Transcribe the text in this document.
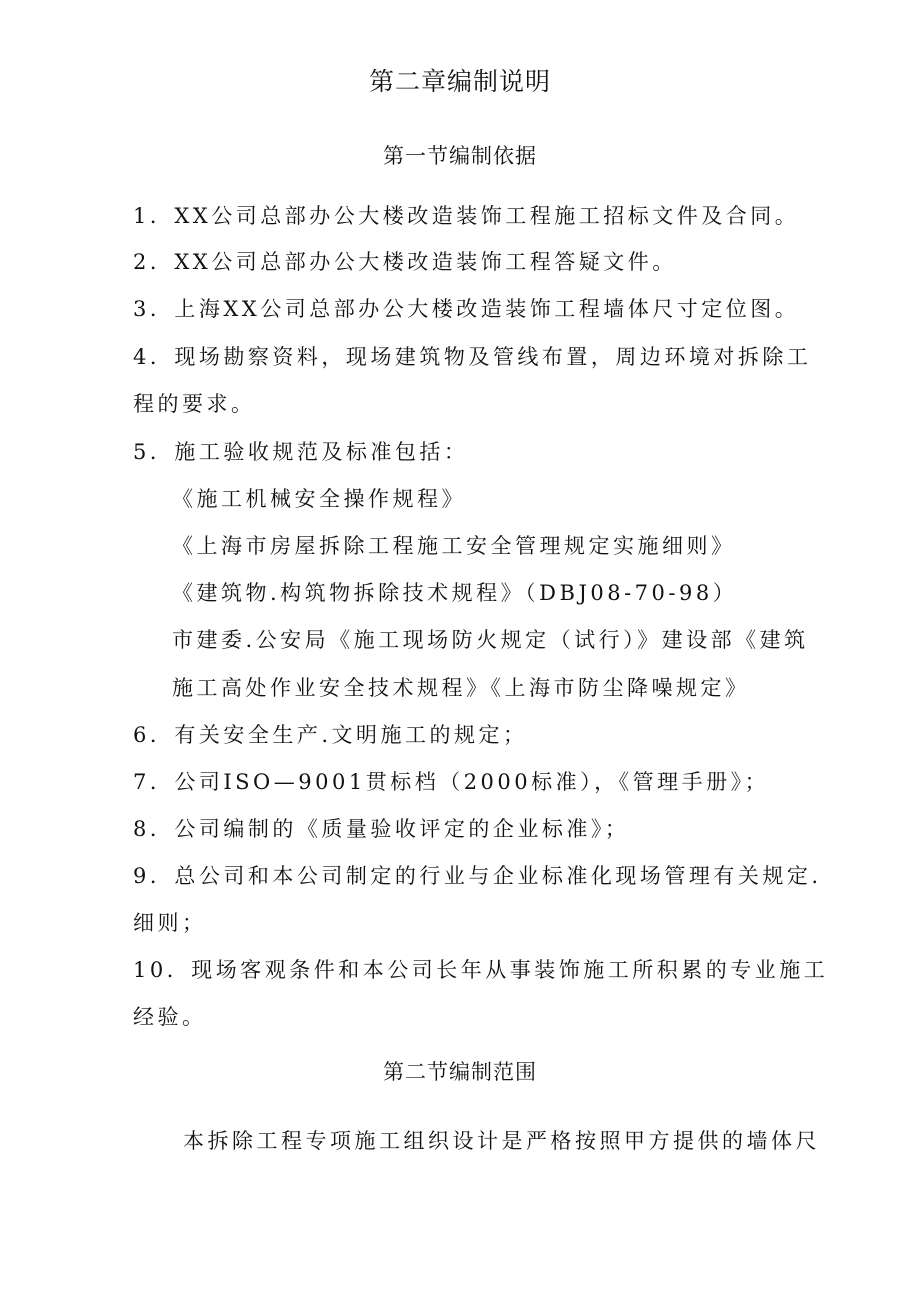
第二章编制说明
第一节编制依据
1．XX公司总部办公大楼改造装饰工程施工招标文件及合同。
2．XX公司总部办公大楼改造装饰工程答疑文件。
3．上海XX公司总部办公大楼改造装饰工程墙体尺寸定位图。
4．现场勘察资料，现场建筑物及管线布置，周边环境对拆除工
程的要求。
5．施工验收规范及标准包括：
《施工机械安全操作规程》
《上海市房屋拆除工程施工安全管理规定实施细则》
《建筑物.构筑物拆除技术规程》（DBJ08-70-98）
市建委.公安局《施工现场防火规定（试行）》建设部《建筑
施工高处作业安全技术规程》《上海市防尘降噪规定》
6．有关安全生产.文明施工的规定；
7．公司ISO—9001贯标档（2000标准），《管理手册》；
8．公司编制的《质量验收评定的企业标准》；
9．总公司和本公司制定的行业与企业标准化现场管理有关规定.
细则；
10．现场客观条件和本公司长年从事装饰施工所积累的专业施工
经验。
第二节编制范围
本拆除工程专项施工组织设计是严格按照甲方提供的墙体尺
